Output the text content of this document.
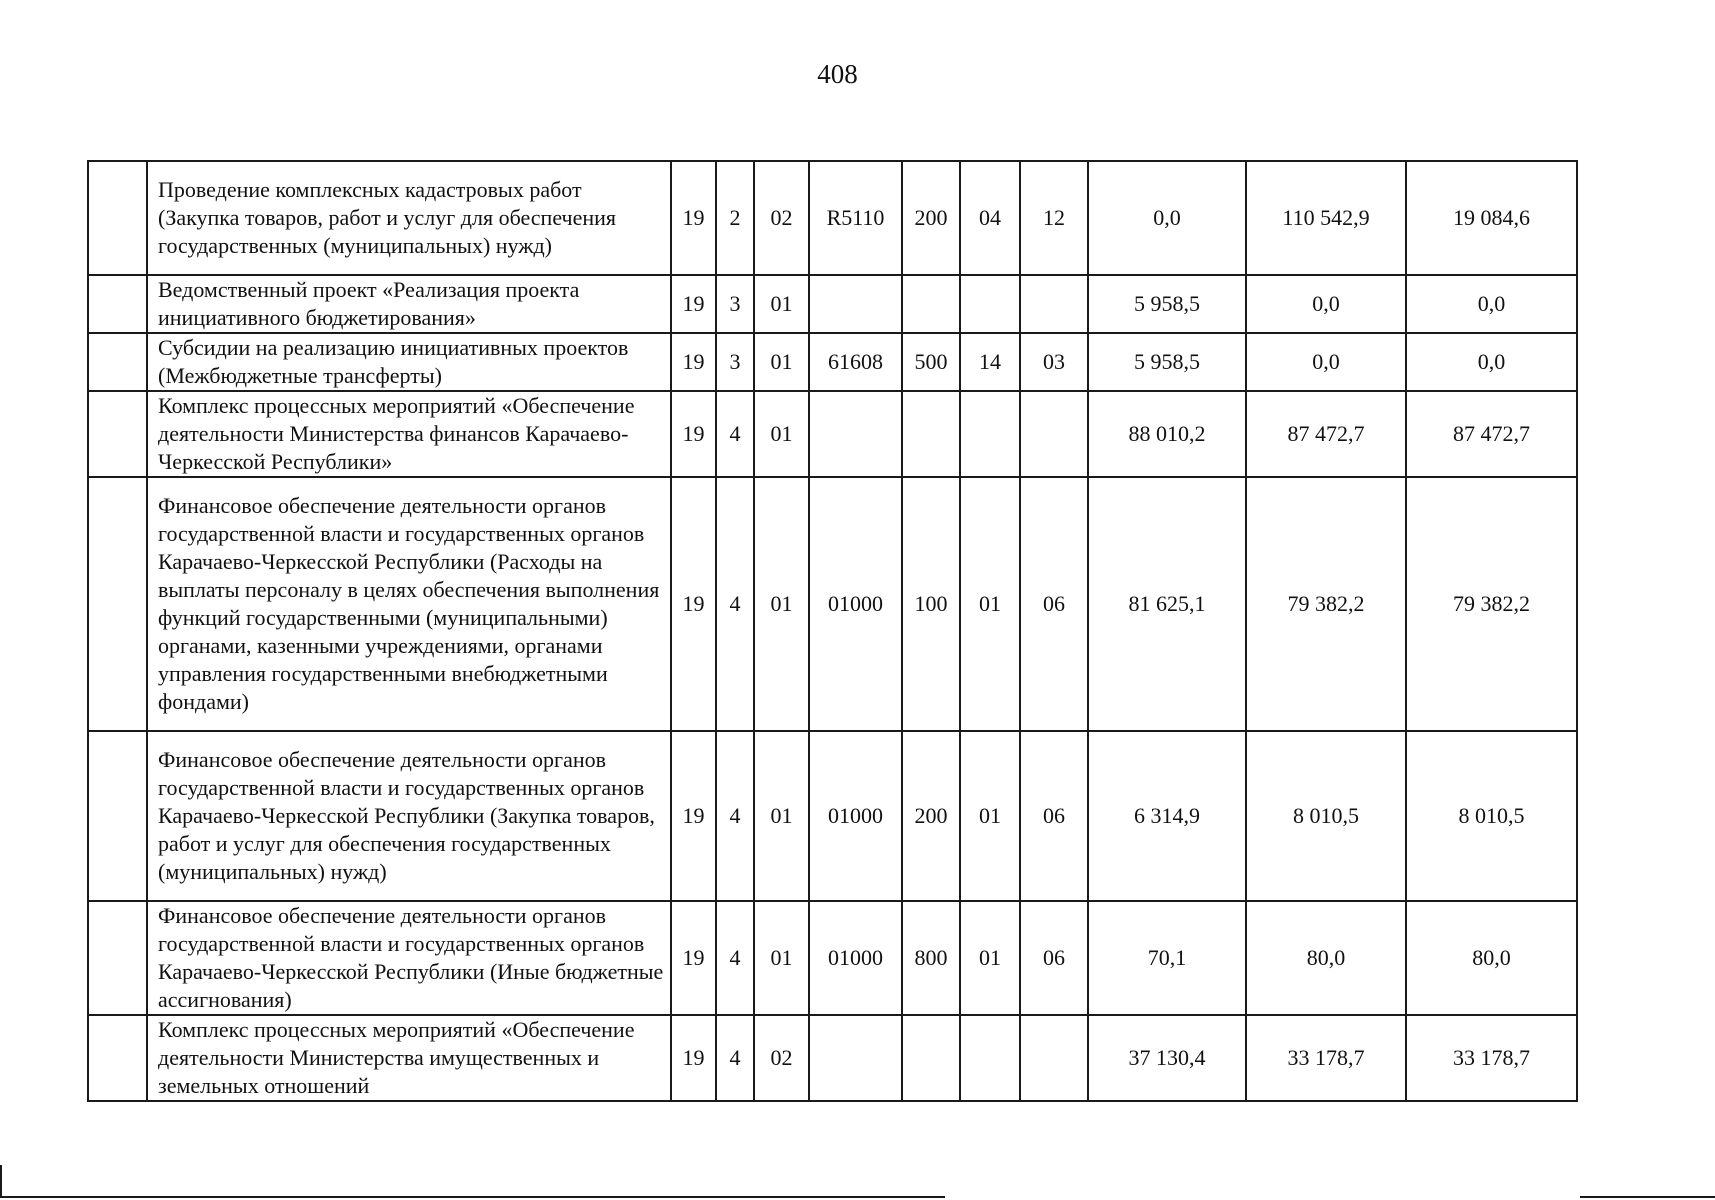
408
	Проведение комплексных кадастровых работ (Закупка товаров, работ и услуг для обеспечения государственных (муниципальных) нужд)	19	2	02	R5110	200	04	12	0,0	110 542,9	19 084,6
	Ведомственный проект «Реализация проекта инициативного бюджетирования»	19	3	01					5 958,5	0,0	0,0
	Субсидии на реализацию инициативных проектов (Межбюджетные трансферты)	19	3	01	61608	500	14	03	5 958,5	0,0	0,0
	Комплекс процессных мероприятий «Обеспечение деятельности Министерства финансов Карачаево-Черкесской Республики»	19	4	01					88 010,2	87 472,7	87 472,7
	Финансовое обеспечение деятельности органов государственной власти и государственных органов Карачаево-Черкесской Республики (Расходы на выплаты персоналу в целях обеспечения выполнения функций государственными (муниципальными) органами, казенными учреждениями, органами управления государственными внебюджетными фондами)	19	4	01	01000	100	01	06	81 625,1	79 382,2	79 382,2
	Финансовое обеспечение деятельности органов государственной власти и государственных органов Карачаево-Черкесской Республики (Закупка товаров, работ и услуг для обеспечения государственных (муниципальных) нужд)	19	4	01	01000	200	01	06	6 314,9	8 010,5	8 010,5
	Финансовое обеспечение деятельности органов государственной власти и государственных органов Карачаево-Черкесской Республики (Иные бюджетные ассигнования)	19	4	01	01000	800	01	06	70,1	80,0	80,0
	Комплекс процессных мероприятий «Обеспечение деятельности Министерства имущественных и земельных отношений	19	4	02					37 130,4	33 178,7	33 178,7
